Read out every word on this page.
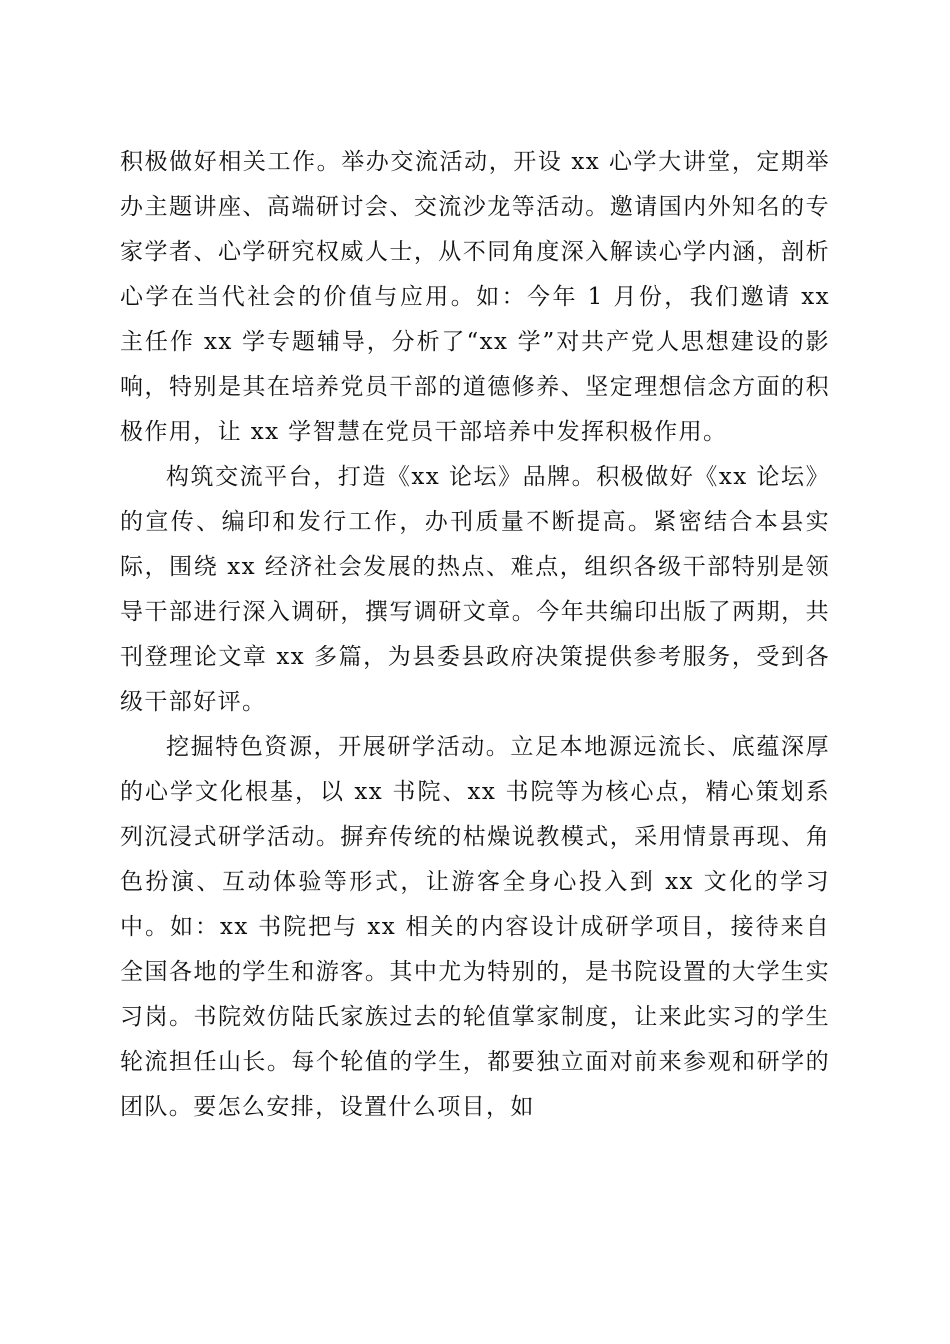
积极做好相关工作。举办交流活动，开设 xx 心学大讲堂，定期举办主题讲座、高端研讨会、交流沙龙等活动。邀请国内外知名的专家学者、心学研究权威人士，从不同角度深入解读心学内涵，剖析心学在当代社会的价值与应用。如：今年 1 月份，我们邀请 xx 主任作 xx 学专题辅导，分析了“xx 学”对共产党人思想建设的影响，特别是其在培养党员干部的道德修养、坚定理想信念方面的积极作用，让 xx 学智慧在党员干部培养中发挥积极作用。

构筑交流平台，打造《xx 论坛》品牌。积极做好《xx 论坛》的宣传、编印和发行工作，办刊质量不断提高。紧密结合本县实际，围绕 xx 经济社会发展的热点、难点，组织各级干部特别是领导干部进行深入调研，撰写调研文章。今年共编印出版了两期，共刊登理论文章 xx 多篇，为县委县政府决策提供参考服务，受到各级干部好评。

挖掘特色资源，开展研学活动。立足本地源远流长、底蕴深厚的心学文化根基，以 xx 书院、xx 书院等为核心点，精心策划系列沉浸式研学活动。摒弃传统的枯燥说教模式，采用情景再现、角色扮演、互动体验等形式，让游客全身心投入到 xx 文化的学习中。如：xx 书院把与 xx 相关的内容设计成研学项目，接待来自全国各地的学生和游客。其中尤为特别的，是书院设置的大学生实习岗。书院效仿陆氏家族过去的轮值掌家制度，让来此实习的学生轮流担任山长。每个轮值的学生，都要独立面对前来参观和研学的团队。要怎么安排，设置什么项目，如
